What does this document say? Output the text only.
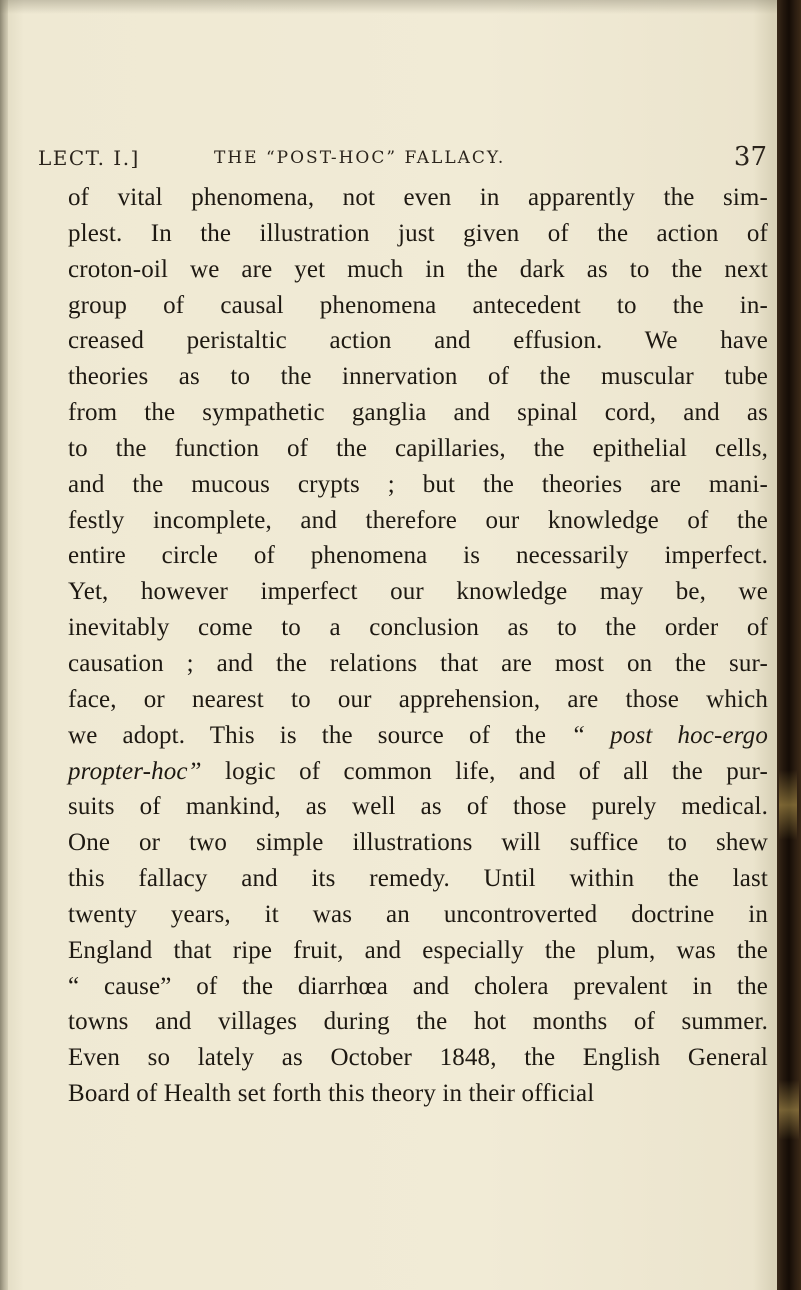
LECT. I.]	THE “POST-HOC” FALLACY.	37
of vital phenomena, not even in apparently the sim-
plest. In the illustration just given of the action of
croton-oil we are yet much in the dark as to the next
group of causal phenomena antecedent to the in-
creased peristaltic action and effusion. We have
theories as to the innervation of the muscular tube
from the sympathetic ganglia and spinal cord, and as
to the function of the capillaries, the epithelial cells,
and the mucous crypts ; but the theories are mani-
festly incomplete, and therefore our knowledge of the
entire circle of phenomena is necessarily imperfect.
Yet, however imperfect our knowledge may be, we
inevitably come to a conclusion as to the order of
causation ; and the relations that are most on the sur-
face, or nearest to our apprehension, are those which
we adopt. This is the source of the “ post hoc-ergo
propter-hoc” logic of common life, and of all the pur-
suits of mankind, as well as of those purely medical.
One or two simple illustrations will suffice to shew
this fallacy and its remedy. Until within the last
twenty years, it was an uncontroverted doctrine in
England that ripe fruit, and especially the plum, was the
“ cause” of the diarrhœa and cholera prevalent in the
towns and villages during the hot months of summer.
Even so lately as October 1848, the English General
Board of Health set forth this theory in their official
